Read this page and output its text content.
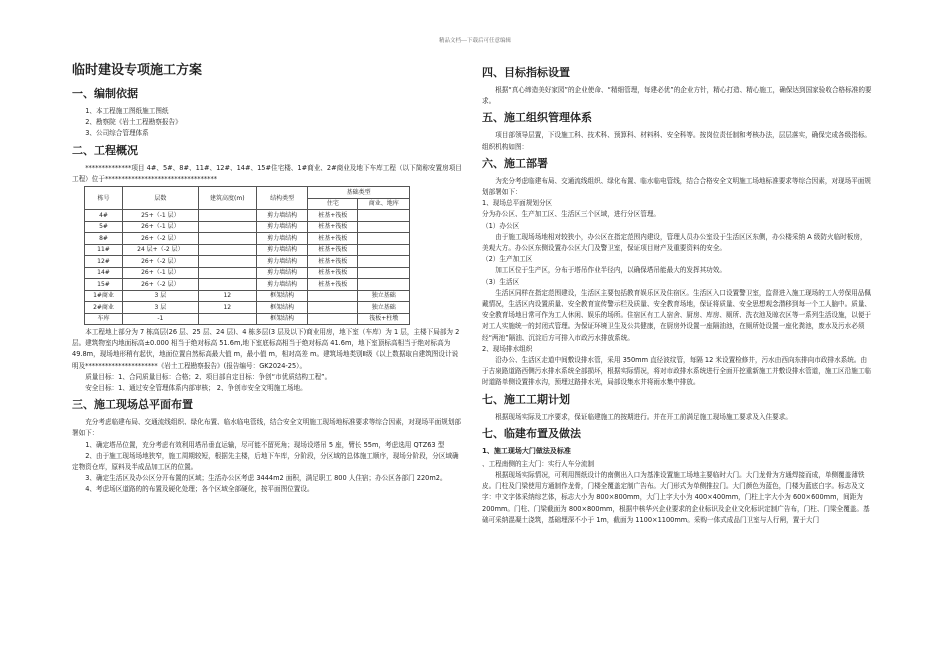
精品文档---下载后可任意编辑
临时建设专项施工方案
一、编制依据

1、本工程施工图纸施工图纸

2、勘察院《岩土工程勘察报告》

3、公司综合管理体系

二、工程概况

**************项目 4#、5#、8#、11#、12#、14#、15#住宅楼、1#商业、2#商业及地下车库工程（以下简称安置房项目工程）位于**********************************

栋号	层数	建筑高度(m)	结构类型	基础类型	
				住宅	商业、地库
4#	25+（-1 层）		剪力墙结构	桩基+筏板	
5#	26+（-1 层）		剪力墙结构	桩基+筏板	
8#	26+（-2 层）		剪力墙结构	桩基+筏板	
11#	24 层+（-2 层）		剪力墙结构	桩基+筏板	
12#	26+（-2 层）		剪力墙结构	桩基+筏板	
14#	26+（-1 层）		剪力墙结构	桩基+筏板	
15#	26+（-2 层）		剪力墙结构	桩基+筏板	
1#商业	3 层	12	框架结构		独立基础
2#商业	3 层	12	框架结构		独立基础
车库	-1		框架结构		筏板+柱墩

本工程地上部分为 7 栋高层(26 层、25 层、24 层)、4 栋多层(3 层及以下)商业用房，地下室（车库）为 1 层，主楼下局部为 2 层。建筑物室内地面标高±0.000 相当于绝对标高 51.6m,地下室底标高相当于绝对标高 41.6m，地下室顶标高相当于绝对标高为 49.8m，现场地形稍有起伏，地面位置自然标高最大值 m，最小值 m，相对高差 m。建筑场地类别Ⅱ级《以上数据取自建筑图设计说明及**********************《岩土工程勘察报告》(报告编号：GK2024-25）。

质量目标：1、合同质量目标：合格；2、项目部自定目标：争创“市优质结构工程”。

安全目标：1、通过安全管理体系内部审核； 2、争创市安全文明施工场地。

三、施工现场总平面布置

充分考虑临建布局、交通流线组织、绿化布置、临水临电管线，结合安全文明施工现场地标准要求等综合因素，对现场平面规划部署如下：

1、确定塔吊位置，充分考虑有效利用塔吊垂直运输，尽可能不留死角；现场设塔吊 5 座，臂长 55m，考虑选用 QTZ63 型

2、由于施工现场场地狭窄，施工周期较短，根据先主楼，后地下车库，分阶段，分区域的总体施工顺序，现场分阶段，分区域确定物资仓库，原料及半成品加工区的位置。

3、确定生活区及办公区分开布置的区域；生活办公区考虑 3444m2 面积，满足职工 800 人住宿；办公区各部门 220m2。

4、考虑场区道路的的布置及硬化处理；各个区域全部硬化，按平面图位置设。

四、目标指标设置

根据“真心缔造美好家园”的企业使命、“精细管理，每建必优”的企业方针，精心打造、精心施工，确保达到国家验收合格标准的要求。

五、施工组织管理体系

项目部领导层置，下设施工科、技术科、预算科、材料科、安全科等。按岗位责任制和考核办法，层层落实，确保完成各级指标。组织机构如图：

六、施工部署

为充分考虑临建布局、交通流线组织、绿化布置、临水临电管线，结合合格安全文明施工场地标准要求等综合因素，对现场平面规划部署如下：

1、现场总平面规划分区

分为办公区、生产加工区、生活区三个区域，进行分区管理。

（1）办公区

由于施工现场场地相对较狭小，办公区在指定范围内建设，管理人员办公室设于生活区区东侧，办公楼采纳 A 级防火临时板房，美观大方。办公区东侧设置办公区大门及警卫室，保证项目财产及重要资料的安全。

（2）生产加工区

加工区位于生产区，分布于塔吊作业半径内，以确保塔吊能最大的发挥其功效。

（3）生活区

生活区同样在指定范围建设，生活区主要包括教育娱乐区及住宿区。生活区入口设置警卫室，监督进入施工现场的工人劳保用品佩戴情况，生活区内设置质量、安全教育宣传警示栏及质量、安全教育场地，保证将质量、安全思想观念潜移到每一个工人脑中。质量、安全教育场地日常可作为工人休闲、娱乐的场所。住宿区有工人宿舍、厨房、库房、厕所、洗衣池及晾衣区等一系列生活设施，以便于对工人实施统一的封闭式管理。为保证环境卫生及公共健康，在厨房外设置一座隔油池，在厕所处设置一座化粪池，废水及污水必须经“两池”隔油、沉淀后方可排入市政污水排放系统。

2、现场排水组织

沿办公、生活区走道中间敷设排水管，采用 350mm 直径波纹管，每隔 12 米设置检修井，污水由西向东排向市政排水系统。由于古泉路道路西侧污水排水系统全部损坏，根据实际情况，将对市政排水系统进行全面开挖重新施工并敷设排水管道，施工区沿施工临时道路单侧设置排水沟，预埋过路排水光，局部设集水井将雨水集中排放。

七、施工工期计划

根据现场实际及工序要求，保证临建施工的按期进行。并在开工前满足施工现场施工要求及入住要求。

七、临建布置及做法
1、施工现场大门做法及标准

、工程南侧的主大门：实行人车分流制

根据现场实际情况，可利用图纸设计的南侧出入口为基准设置施工场地主要临时大门。大门龙骨为方通焊接而成，单侧覆盖薄铁皮。门柱及门梁使用方通制作龙骨，门楼全覆盖定制广告布。大门形式为单侧推拉门。大门颜色为蓝色，门楼为蓝底白字。标志及文字：中文字体采纳综艺体，标志大小为 800×800mm，大门上字大小为 400×400mm，门柱上字大小为 600×600mm，间距为 200mm。门柱、门梁截面为 800×800mm，根据中核华兴企业要求的企业标识及企业文化标识定制广告布，门柱、门梁全覆盖。基础可采纳混凝土浇筑，基础埋深不小于 1m，截面为 1100×1100mm。采购一体式成品门卫室与人行闸，置于大门
